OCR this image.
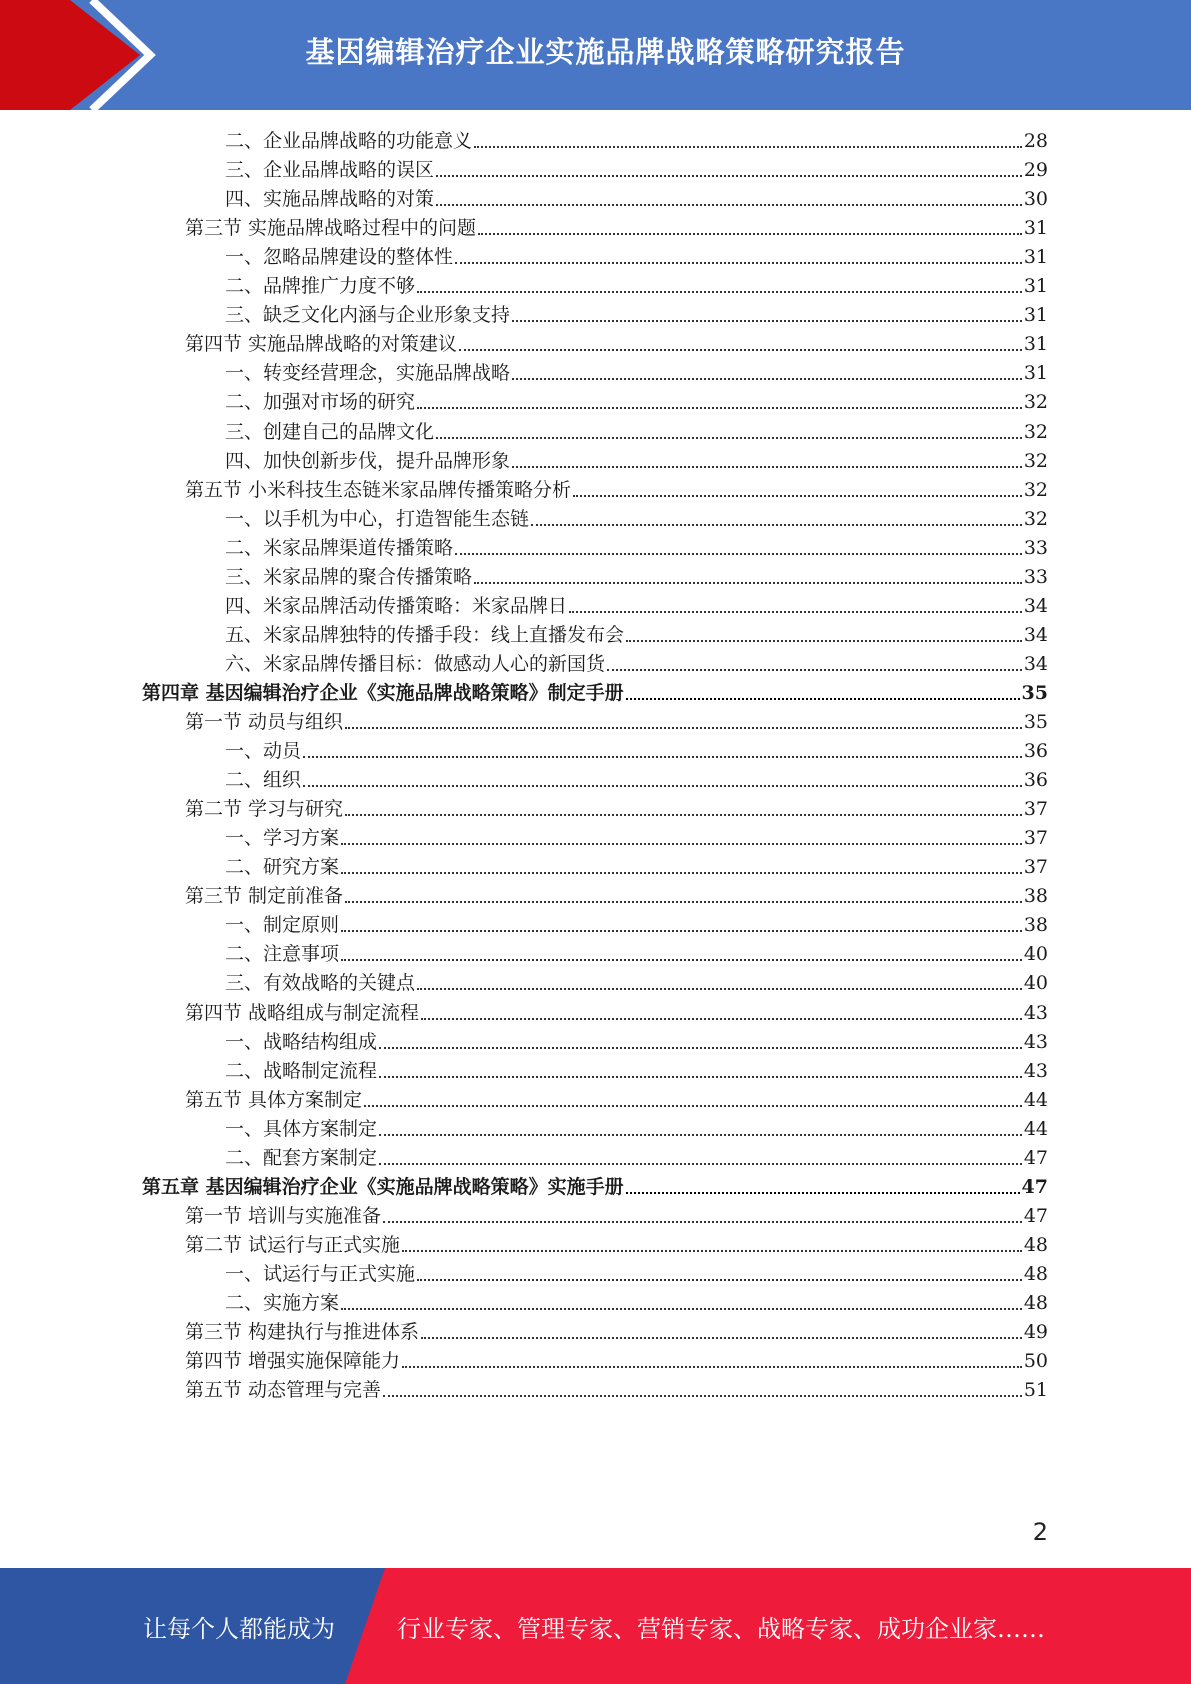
基因编辑治疗企业实施品牌战略策略研究报告
二、企业品牌战略的功能意义	28
三、企业品牌战略的误区	29
四、实施品牌战略的对策	30
第三节 实施品牌战略过程中的问题	31
一、忽略品牌建设的整体性	31
二、品牌推广力度不够	31
三、缺乏文化内涵与企业形象支持	31
第四节 实施品牌战略的对策建议	31
一、转变经营理念，实施品牌战略	31
二、加强对市场的研究	32
三、创建自己的品牌文化	32
四、加快创新步伐，提升品牌形象	32
第五节 小米科技生态链米家品牌传播策略分析	32
一、以手机为中心，打造智能生态链	32
二、米家品牌渠道传播策略	33
三、米家品牌的聚合传播策略	33
四、米家品牌活动传播策略：米家品牌日	34
五、米家品牌独特的传播手段：线上直播发布会	34
六、米家品牌传播目标：做感动人心的新国货	34
第四章 基因编辑治疗企业《实施品牌战略策略》制定手册	35
第一节 动员与组织	35
一、动员	36
二、组织	36
第二节 学习与研究	37
一、学习方案	37
二、研究方案	37
第三节 制定前准备	38
一、制定原则	38
二、注意事项	40
三、有效战略的关键点	40
第四节 战略组成与制定流程	43
一、战略结构组成	43
二、战略制定流程	43
第五节 具体方案制定	44
一、具体方案制定	44
二、配套方案制定	47
第五章 基因编辑治疗企业《实施品牌战略策略》实施手册	47
第一节 培训与实施准备	47
第二节 试运行与正式实施	48
一、试运行与正式实施	48
二、实施方案	48
第三节 构建执行与推进体系	49
第四节 增强实施保障能力	50
第五节 动态管理与完善	51
2
让每个人都能成为	行业专家、管理专家、营销专家、战略专家、成功企业家……
